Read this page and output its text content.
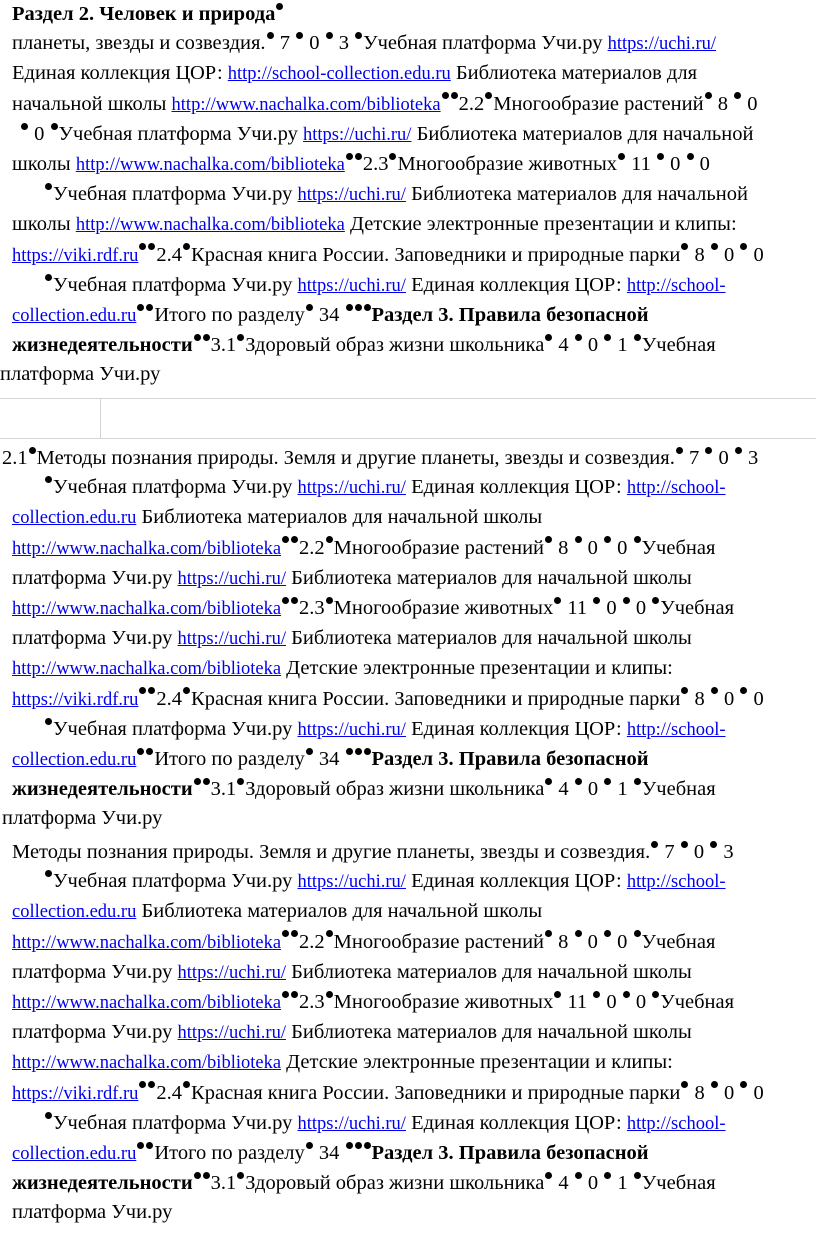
Раздел 2. Человек и природа
планеты, звезды и созвездия. 7 0 3 Учебная платформа Учи.ру https://uchi.ru/
Единая коллекция ЦОР: http://school-collection.edu.ru Библиотека материалов для
начальной школы http://www.nachalka.com/biblioteka 2.2 Многообразие растений 8 0
0 Учебная платформа Учи.ру https://uchi.ru/ Библиотека материалов для начальной
школы http://www.nachalka.com/biblioteka 2.3 Многообразие животных 11 0 0
Учебная платформа Учи.ру https://uchi.ru/ Библиотека материалов для начальной
школы http://www.nachalka.com/biblioteka Детские электронные презентации и клипы:
https://viki.rdf.ru 2.4 Красная книга России. Заповедники и природные парки 8 0 0
Учебная платформа Учи.ру https://uchi.ru/ Единая коллекция ЦОР: http://school-
collection.edu.ru Итого по разделу 34 Раздел 3. Правила безопасной
жизнедеятельности 3.1 Здоровый образ жизни школьника 4 0 1 Учебная
платформа Учи.ру
2.1 Методы познания природы. Земля и другие планеты, звезды и созвездия. 7 0 3
Учебная платформа Учи.ру https://uchi.ru/ Единая коллекция ЦОР: http://school-
collection.edu.ru Библиотека материалов для начальной школы
http://www.nachalka.com/biblioteka 2.2 Многообразие растений 8 0 0 Учебная
платформа Учи.ру https://uchi.ru/ Библиотека материалов для начальной школы
http://www.nachalka.com/biblioteka 2.3 Многообразие животных 11 0 0 Учебная
платформа Учи.ру https://uchi.ru/ Библиотека материалов для начальной школы
http://www.nachalka.com/biblioteka Детские электронные презентации и клипы:
https://viki.rdf.ru 2.4 Красная книга России. Заповедники и природные парки 8 0 0
Учебная платформа Учи.ру https://uchi.ru/ Единая коллекция ЦОР: http://school-
collection.edu.ru Итого по разделу 34 Раздел 3. Правила безопасной
жизнедеятельности 3.1 Здоровый образ жизни школьника 4 0 1 Учебная
платформа Учи.ру
Методы познания природы. Земля и другие планеты, звезды и созвездия. 7 0 3
Учебная платформа Учи.ру https://uchi.ru/ Единая коллекция ЦОР: http://school-
collection.edu.ru Библиотека материалов для начальной школы
http://www.nachalka.com/biblioteka 2.2 Многообразие растений 8 0 0 Учебная
платформа Учи.ру https://uchi.ru/ Библиотека материалов для начальной школы
http://www.nachalka.com/biblioteka 2.3 Многообразие животных 11 0 0 Учебная
платформа Учи.ру https://uchi.ru/ Библиотека материалов для начальной школы
http://www.nachalka.com/biblioteka Детские электронные презентации и клипы:
https://viki.rdf.ru 2.4 Красная книга России. Заповедники и природные парки 8 0 0
Учебная платформа Учи.ру https://uchi.ru/ Единая коллекция ЦОР: http://school-
collection.edu.ru Итого по разделу 34 Раздел 3. Правила безопасной
жизнедеятельности 3.1 Здоровый образ жизни школьника 4 0 1 Учебная
платформа Учи.ру
